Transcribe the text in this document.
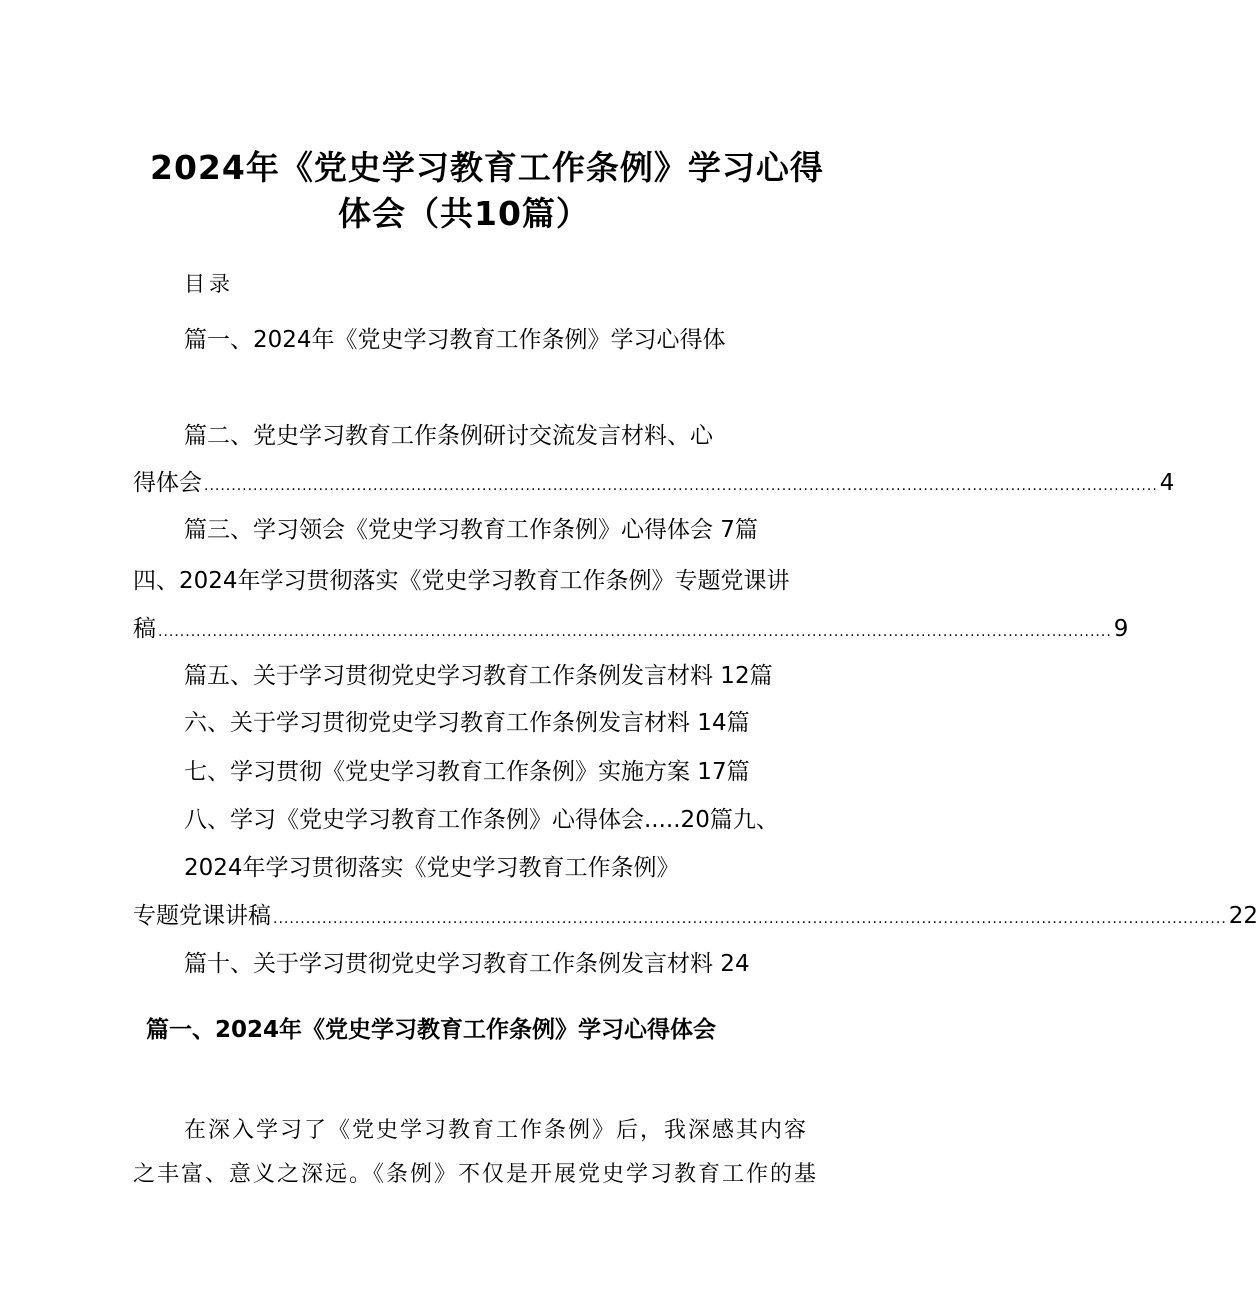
2024年《党史学习教育工作条例》学习心得
体会（共10篇）
目录
篇一、2024年《党史学习教育工作条例》学习心得体
篇二、党史学习教育工作条例研讨交流发言材料、心
得体会 ............................................................................................................................................................................... 4
篇三、学习领会《党史学习教育工作条例》心得体会 7篇
四、2024年学习贯彻落实《党史学习教育工作条例》专题党课讲
稿 ............................................................................................................................................................................... 9
篇五、关于学习贯彻党史学习教育工作条例发言材料 12篇
六、关于学习贯彻党史学习教育工作条例发言材料 14篇
七、学习贯彻《党史学习教育工作条例》实施方案 17篇
八、学习《党史学习教育工作条例》心得体会.....20篇九、
2024年学习贯彻落实《党史学习教育工作条例》
专题党课讲稿 ............................................................................................................................................................................... 22
篇十、关于学习贯彻党史学习教育工作条例发言材料 24
篇一、2024年《党史学习教育工作条例》学习心得体会
在深入学习了《党史学习教育工作条例》后，我深感其内容
之丰富、意义之深远。《条例》不仅是开展党史学习教育工作的基
